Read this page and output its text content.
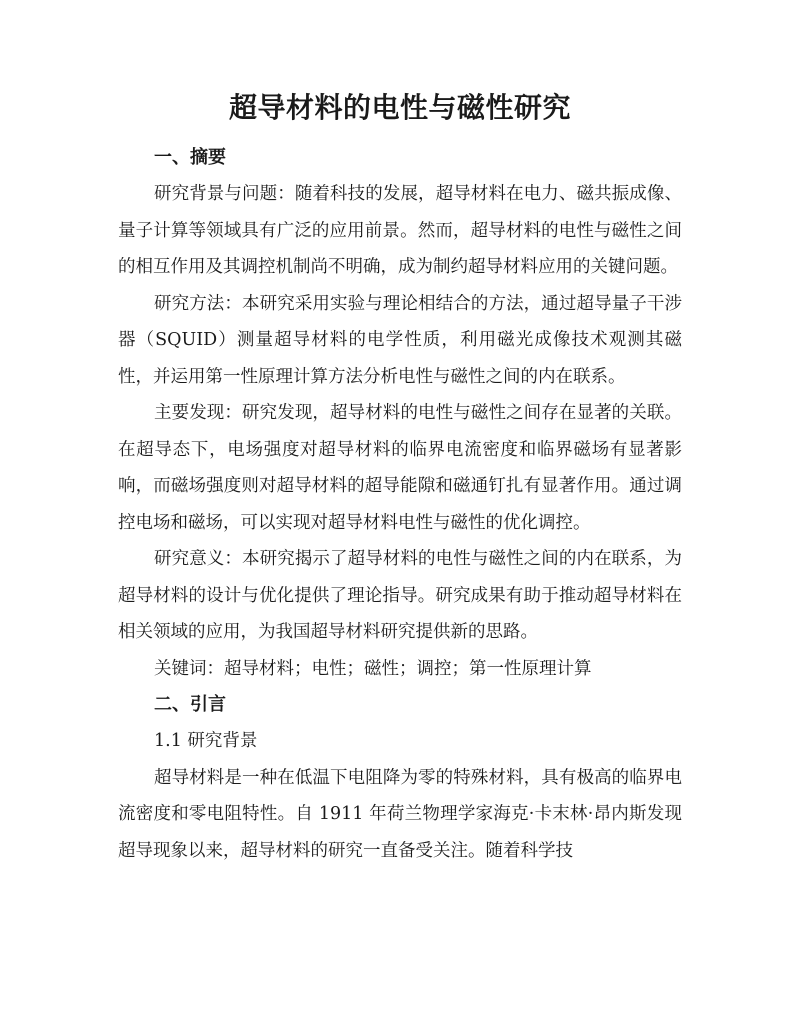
超导材料的电性与磁性研究
一、摘要

研究背景与问题：随着科技的发展，超导材料在电力、磁共振成像、量子计算等领域具有广泛的应用前景。然而，超导材料的电性与磁性之间的相互作用及其调控机制尚不明确，成为制约超导材料应用的关键问题。

研究方法：本研究采用实验与理论相结合的方法，通过超导量子干涉器（SQUID）测量超导材料的电学性质，利用磁光成像技术观测其磁性，并运用第一性原理计算方法分析电性与磁性之间的内在联系。

主要发现：研究发现，超导材料的电性与磁性之间存在显著的关联。在超导态下，电场强度对超导材料的临界电流密度和临界磁场有显著影响，而磁场强度则对超导材料的超导能隙和磁通钉扎有显著作用。通过调控电场和磁场，可以实现对超导材料电性与磁性的优化调控。

研究意义：本研究揭示了超导材料的电性与磁性之间的内在联系，为超导材料的设计与优化提供了理论指导。研究成果有助于推动超导材料在相关领域的应用，为我国超导材料研究提供新的思路。

关键词：超导材料；电性；磁性；调控；第一性原理计算

二、引言

1.1 研究背景

超导材料是一种在低温下电阻降为零的特殊材料，具有极高的临界电流密度和零电阻特性。自 1911 年荷兰物理学家海克·卡末林·昂内斯发现超导现象以来，超导材料的研究一直备受关注。随着科学技
